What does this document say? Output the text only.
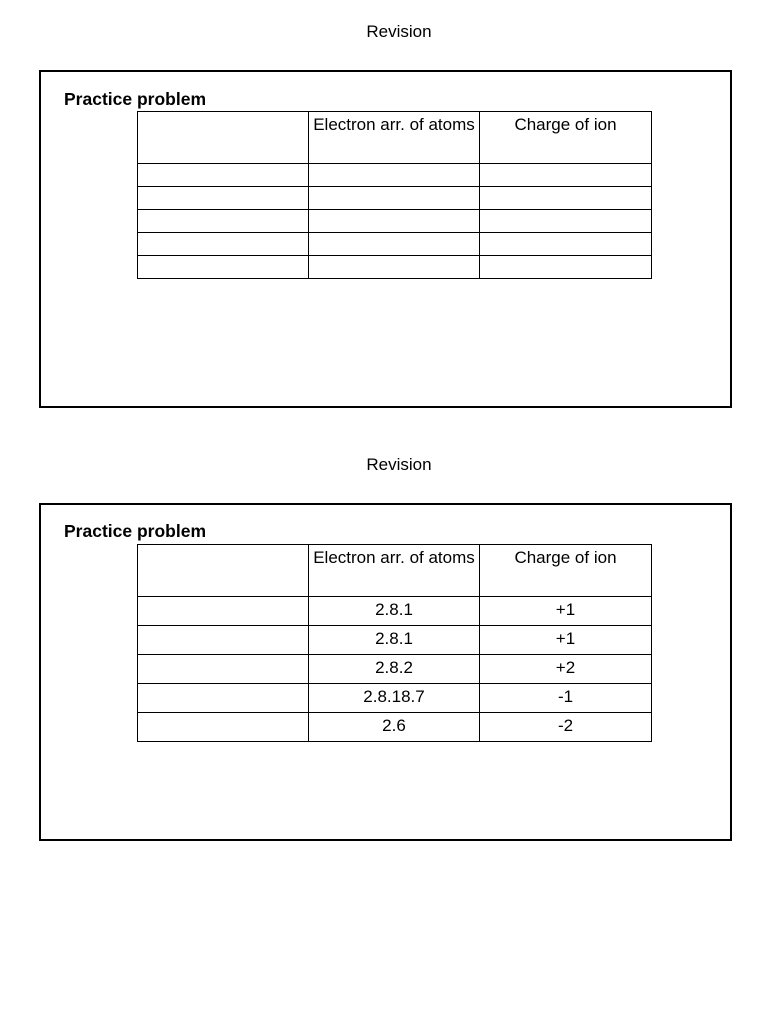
Revision
Practice problem
	Electron arr. of atoms	Charge of ion

Revision
Practice problem
	Electron arr. of atoms	Charge of ion
	2.8.1	+1
	2.8.1	+1
	2.8.2	+2
	2.8.18.7	-1
	2.6	-2
